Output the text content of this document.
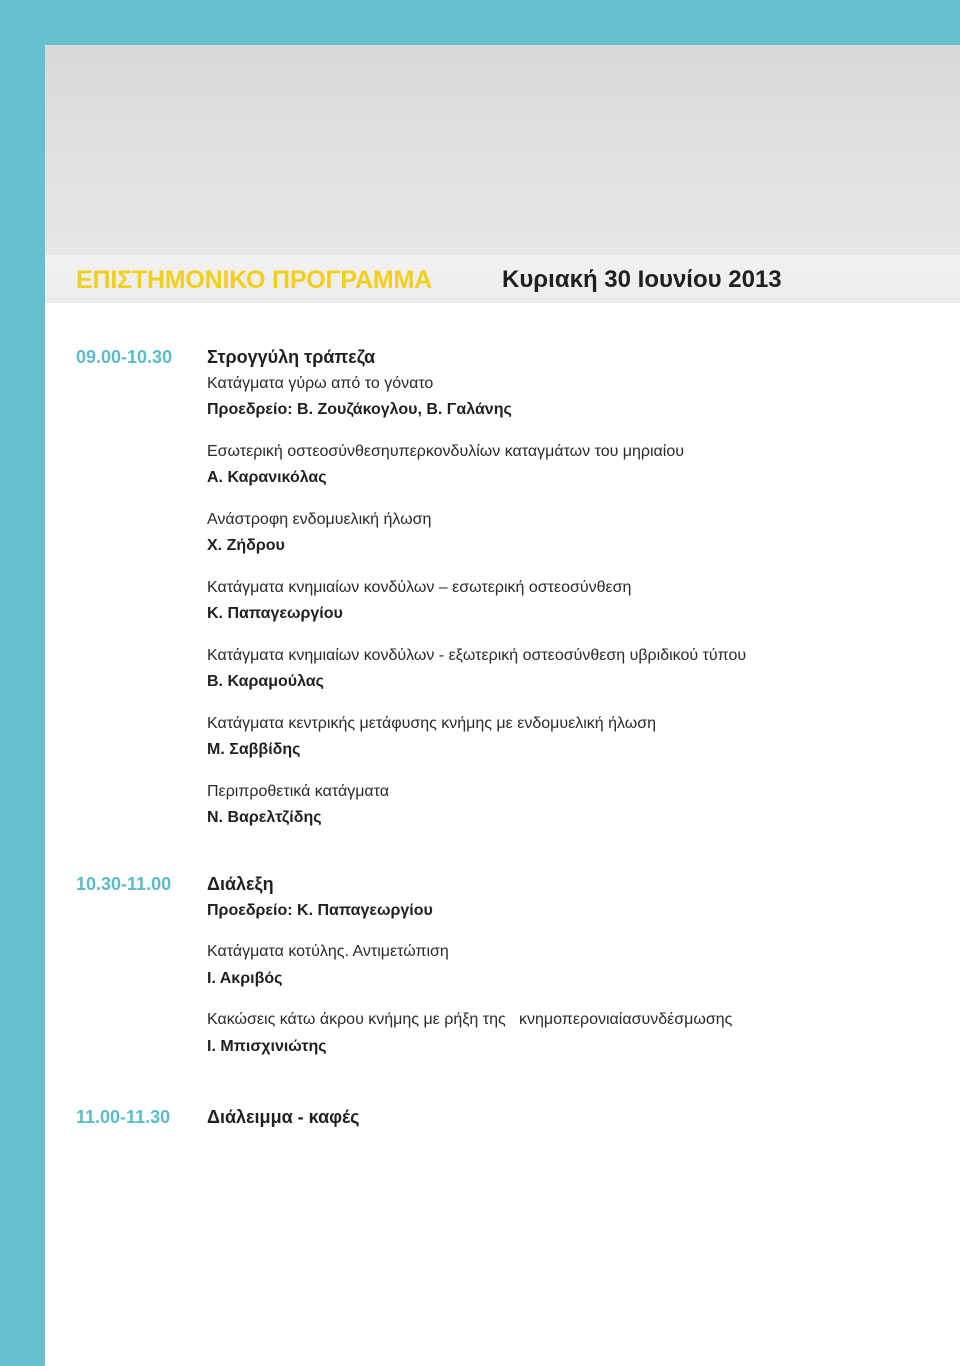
ΕΠΙΣΤΗΜΟΝΙΚΟ ΠΡΟΓΡΑΜΜΑ	Κυριακή 30 Ιουνίου 2013
09.00-10.30	Στρογγύλη τράπεζα
Κατάγματα γύρω από το γόνατο
Προεδρείο: Β. Ζουζάκογλου, Β. Γαλάνης
Εσωτερική οστεοσύνθεσηυπερκονδυλίων καταγμάτων του μηριαίου
Α. Καρανικόλας
Ανάστροφη ενδομυελική ήλωση
Χ. Ζήδρου
Κατάγματα κνημιαίων κονδύλων – εσωτερική οστεοσύνθεση
Κ. Παπαγεωργίου
Κατάγματα κνημιαίων κονδύλων - εξωτερική οστεοσύνθεση υβριδικού τύπου
Β. Καραμούλας
Κατάγματα κεντρικής μετάφυσης κνήμης με ενδομυελική ήλωση
Μ. Σαββίδης
Περιπροθετικά κατάγματα
Ν. Βαρελτζίδης
10.30-11.00	Διάλεξη
Προεδρείο: Κ. Παπαγεωργίου
Κατάγματα κοτύλης. Αντιμετώπιση
Ι. Ακριβός
Κακώσεις κάτω άκρου κνήμης με ρήξη της   κνημοπερονιαίασυνδέσμωσης
Ι. Μπισχινιώτης
11.00-11.30	Διάλειμμα - καφές
